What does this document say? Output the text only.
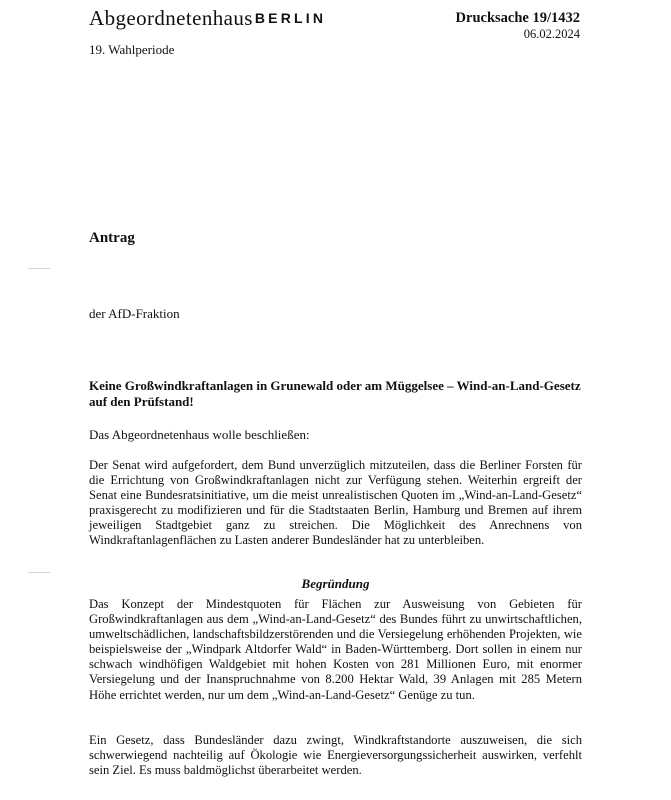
Abgeordnetenhaus BERLIN
19. Wahlperiode
Drucksache 19/1432
06.02.2024
Antrag
der AfD-Fraktion
Keine Großwindkraftanlagen in Grunewald oder am Müggelsee – Wind-an-Land-Gesetz auf den Prüfstand!
Das Abgeordnetenhaus wolle beschließen:
Der Senat wird aufgefordert, dem Bund unverzüglich mitzuteilen, dass die Berliner Forsten für die Errichtung von Großwindkraftanlagen nicht zur Verfügung stehen. Weiterhin ergreift der Senat eine Bundesratsinitiative, um die meist unrealistischen Quoten im „Wind-an-Land-Gesetz“ praxisgerecht zu modifizieren und für die Stadtstaaten Berlin, Hamburg und Bremen auf ihrem jeweiligen Stadtgebiet ganz zu streichen. Die Möglichkeit des Anrechnens von Windkraftanlagenflächen zu Lasten anderer Bundesländer hat zu unterbleiben.
Begründung
Das Konzept der Mindestquoten für Flächen zur Ausweisung von Gebieten für Großwindkraftanlagen aus dem „Wind-an-Land-Gesetz“ des Bundes führt zu unwirtschaftlichen, umweltschädlichen, landschaftsbildzerstörenden und die Versiegelung erhöhenden Projekten, wie beispielsweise der „Windpark Altdorfer Wald“ in Baden-Württemberg. Dort sollen in einem nur schwach windhöfigen Waldgebiet mit hohen Kosten von 281 Millionen Euro, mit enormer Versiegelung und der Inanspruchnahme von 8.200 Hektar Wald, 39 Anlagen mit 285 Metern Höhe errichtet werden, nur um dem „Wind-an-Land-Gesetz“ Genüge zu tun.
Ein Gesetz, dass Bundesländer dazu zwingt, Windkraftstandorte auszuweisen, die sich schwerwiegend nachteilig auf Ökologie wie Energieversorgungssicherheit auswirken, verfehlt sein Ziel. Es muss baldmöglichst überarbeitet werden.
